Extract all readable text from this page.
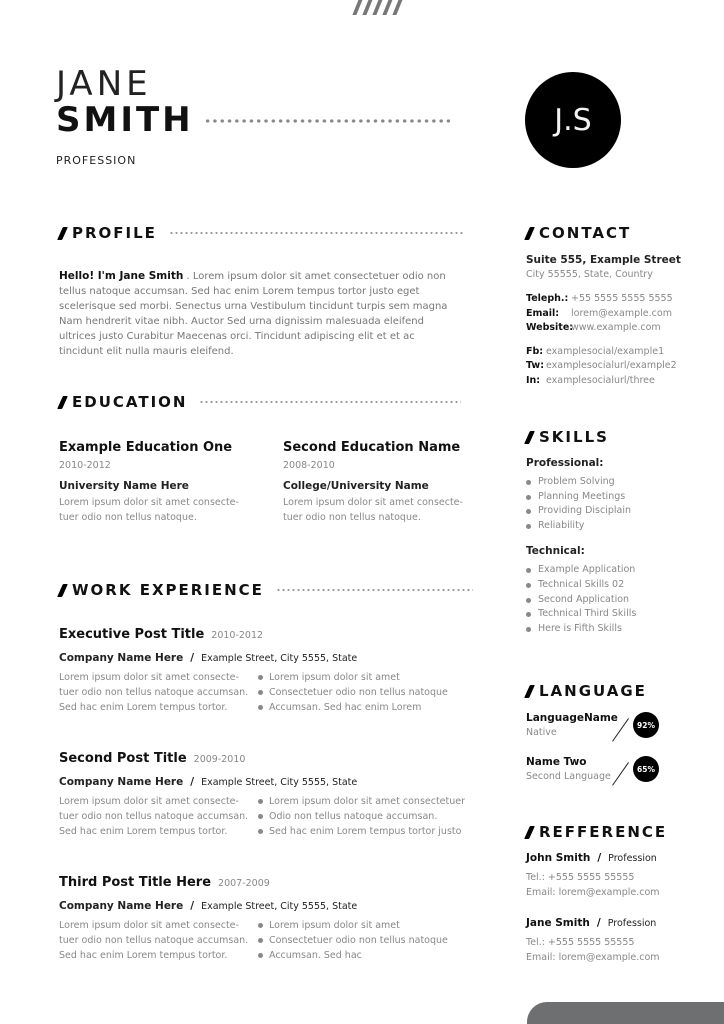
JANE
SMITH
PROFESSION
J.S
PROFILE
Hello! I'm Jane Smith . Lorem ipsum dolor sit amet consectetuer odio non tellus natoque accumsan. Sed hac enim Lorem tempus tortor justo eget scelerisque sed morbi. Senectus urna Vestibulum tincidunt turpis sem magna Nam hendrerit vitae nibh. Auctor Sed urna dignissim malesuada eleifend ultrices justo Curabitur Maecenas orci. Tincidunt adipiscing elit et et ac tincidunt elit nulla mauris eleifend.
EDUCATION
Example Education One
2010-2012
University Name Here
Lorem ipsum dolor sit amet consecte-tuer odio non tellus natoque.
Second Education Name
2008-2010
College/University Name
Lorem ipsum dolor sit amet consecte-tuer odio non tellus natoque.
WORK EXPERIENCE
Executive Post Title 2010-2012
Company Name Here / Example Street, City 5555, State
Lorem ipsum dolor sit amet consecte-tuer odio non tellus natoque accumsan. Sed hac enim Lorem tempus tortor.
Lorem ipsum dolor sit amet
Consectetuer odio non tellus natoque
Accumsan. Sed hac enim Lorem
Second Post Title 2009-2010
Company Name Here / Example Street, City 5555, State
Lorem ipsum dolor sit amet consecte-tuer odio non tellus natoque accumsan. Sed hac enim Lorem tempus tortor.
Lorem ipsum dolor sit amet consectetuer
Odio non tellus natoque accumsan.
Sed hac enim Lorem tempus tortor justo
Third Post Title Here 2007-2009
Company Name Here / Example Street, City 5555, State
Lorem ipsum dolor sit amet consecte-tuer odio non tellus natoque accumsan. Sed hac enim Lorem tempus tortor.
Lorem ipsum dolor sit amet
Consectetuer odio non tellus natoque
Accumsan. Sed hac
CONTACT
Suite 555, Example Street
City 55555, State, Country
Teleph.: +55 5555 5555 5555
Email:	lorem@example.com
Website:
www.example.com
Fb: examplesocial/example1
Tw: examplesocialurl/example2
In: examplesocialurl/three
SKILLS
Professional:
Problem Solving
Planning Meetings
Providing Disciplain
Reliability
Technical:
Example Application
Technical Skills 02
Second Application
Technical Third Skills
Here is Fifth Skills
LANGUAGE
LanguageName
Native
92%
Name Two
Second Language
65%
REFFERENCE
John Smith / Profession
Tel.: +555 5555 55555
Email: lorem@example.com
Jane Smith / Profession
Tel.: +555 5555 55555
Email: lorem@example.com
